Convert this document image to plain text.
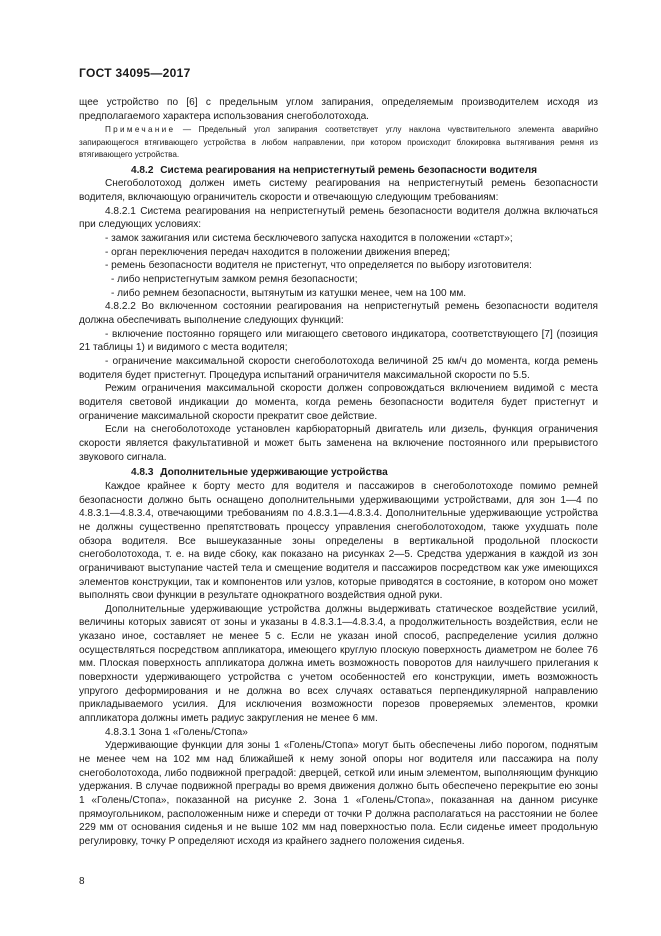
ГОСТ 34095—2017

щее устройство по [6] с предельным углом запирания, определяемым производителем исходя из предполагаемого характера использования снегоболотохода.

Примечание — Предельный угол запирания соответствует углу наклона чувствительного элемента аварийно запирающегося втягивающего устройства в любом направлении, при котором происходит блокировка вытягивания ремня из втягивающего устройства.

4.8.2 Система реагирования на непристегнутый ремень безопасности водителя

Снегоболотоход должен иметь систему реагирования на непристегнутый ремень безопасности водителя, включающую ограничитель скорости и отвечающую следующим требованиям:

4.8.2.1 Система реагирования на непристегнутый ремень безопасности водителя должна включаться при следующих условиях:

- замок зажигания или система бесключевого запуска находится в положении «старт»;

- орган переключения передач находится в положении движения вперед;

- ремень безопасности водителя не пристегнут, что определяется по выбору изготовителя:

- либо непристегнутым замком ремня безопасности;

- либо ремнем безопасности, вытянутым из катушки менее, чем на 100 мм.

4.8.2.2 Во включенном состоянии реагирования на непристегнутый ремень безопасности водителя должна обеспечивать выполнение следующих функций:

- включение постоянно горящего или мигающего светового индикатора, соответствующего [7] (позиция 21 таблицы 1) и видимого с места водителя;

- ограничение максимальной скорости снегоболотохода величиной 25 км/ч до момента, когда ремень водителя будет пристегнут. Процедура испытаний ограничителя максимальной скорости по 5.5.

Режим ограничения максимальной скорости должен сопровождаться включением видимой с места водителя световой индикации до момента, когда ремень безопасности водителя будет пристегнут и ограничение максимальной скорости прекратит свое действие.

Если на снегоболотоходе установлен карбюраторный двигатель или дизель, функция ограничения скорости является факультативной и может быть заменена на включение постоянного или прерывистого звукового сигнала.

4.8.3 Дополнительные удерживающие устройства

Каждое крайнее к борту место для водителя и пассажиров в снегоболотоходе помимо ремней безопасности должно быть оснащено дополнительными удерживающими устройствами, для зон 1—4 по 4.8.3.1—4.8.3.4, отвечающими требованиям по 4.8.3.1—4.8.3.4. Дополнительные удерживающие устройства не должны существенно препятствовать процессу управления снегоболотоходом, также ухудшать поле обзора водителя. Все вышеуказанные зоны определены в вертикальной продольной плоскости снегоболотохода, т. е. на виде сбоку, как показано на рисунках 2—5. Средства удержания в каждой из зон ограничивают выступание частей тела и смещение водителя и пассажиров посредством как уже имеющихся элементов конструкции, так и компонентов или узлов, которые приводятся в состояние, в котором оно может выполнять свои функции в результате однократного воздействия одной руки.

Дополнительные удерживающие устройства должны выдерживать статическое воздействие усилий, величины которых зависят от зоны и указаны в 4.8.3.1—4.8.3.4, а продолжительность воздействия, если не указано иное, составляет не менее 5 с. Если не указан иной способ, распределение усилия должно осуществляться посредством аппликатора, имеющего круглую плоскую поверхность диаметром не более 76 мм. Плоская поверхность аппликатора должна иметь возможность поворотов для наилучшего прилегания к поверхности удерживающего устройства с учетом особенностей его конструкции, иметь возможность упругого деформирования и не должна во всех случаях оставаться перпендикулярной направлению прикладываемого усилия. Для исключения возможности порезов проверяемых элементов, кромки аппликатора должны иметь радиус закругления не менее 6 мм.

4.8.3.1 Зона 1 «Голень/Стопа»

Удерживающие функции для зоны 1 «Голень/Стопа» могут быть обеспечены либо порогом, поднятым не менее чем на 102 мм над ближайшей к нему зоной опоры ног водителя или пассажира на полу снегоболотохода, либо подвижной преградой: дверцей, сеткой или иным элементом, выполняющим функцию удержания. В случае подвижной преграды во время движения должно быть обеспечено перекрытие ею зоны 1 «Голень/Стопа», показанной на рисунке 2. Зона 1 «Голень/Стопа», показанная на данном рисунке прямоугольником, расположенным ниже и спереди от точки P должна располагаться на расстоянии не более 229 мм от основания сиденья и не выше 102 мм над поверхностью пола. Если сиденье имеет продольную регулировку, точку P определяют исходя из крайнего заднего положения сиденья.

8
